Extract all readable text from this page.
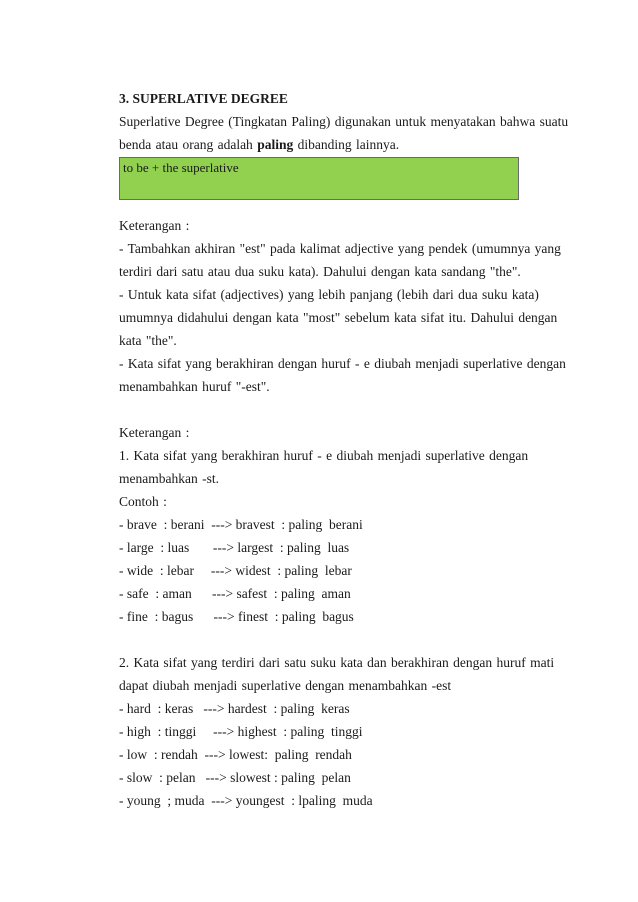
3. SUPERLATIVE DEGREE

Superlative Degree (Tingkatan Paling) digunakan untuk menyatakan bahwa suatu

benda atau orang adalah paling dibanding lainnya.

to be + the superlative

Keterangan :

- Tambahkan akhiran "est" pada kalimat adjective yang pendek (umumnya yang

terdiri dari satu atau dua suku kata). Dahului dengan kata sandang "the".

- Untuk kata sifat (adjectives) yang lebih panjang (lebih dari dua suku kata)

umumnya didahului dengan kata "most" sebelum kata sifat itu. Dahului dengan

kata "the".

- Kata sifat yang berakhiran dengan huruf - e diubah menjadi superlative dengan

menambahkan huruf "-est".

Keterangan :

1. Kata sifat yang berakhiran huruf - e diubah menjadi superlative dengan

menambahkan -st.

Contoh :

- brave  : berani  ---> bravest  : paling  berani

- large  : luas       ---> largest  : paling  luas

- wide  : lebar     ---> widest  : paling  lebar

- safe  : aman      ---> safest  : paling  aman

- fine  : bagus      ---> finest  : paling  bagus

2. Kata sifat yang terdiri dari satu suku kata dan berakhiran dengan huruf mati

dapat diubah menjadi superlative dengan menambahkan -est

- hard  : keras   ---> hardest  : paling  keras

- high  : tinggi     ---> highest  : paling  tinggi

- low  : rendah  ---> lowest:  paling  rendah

- slow  : pelan   ---> slowest : paling  pelan

- young  ; muda  ---> youngest  : lpaling  muda
